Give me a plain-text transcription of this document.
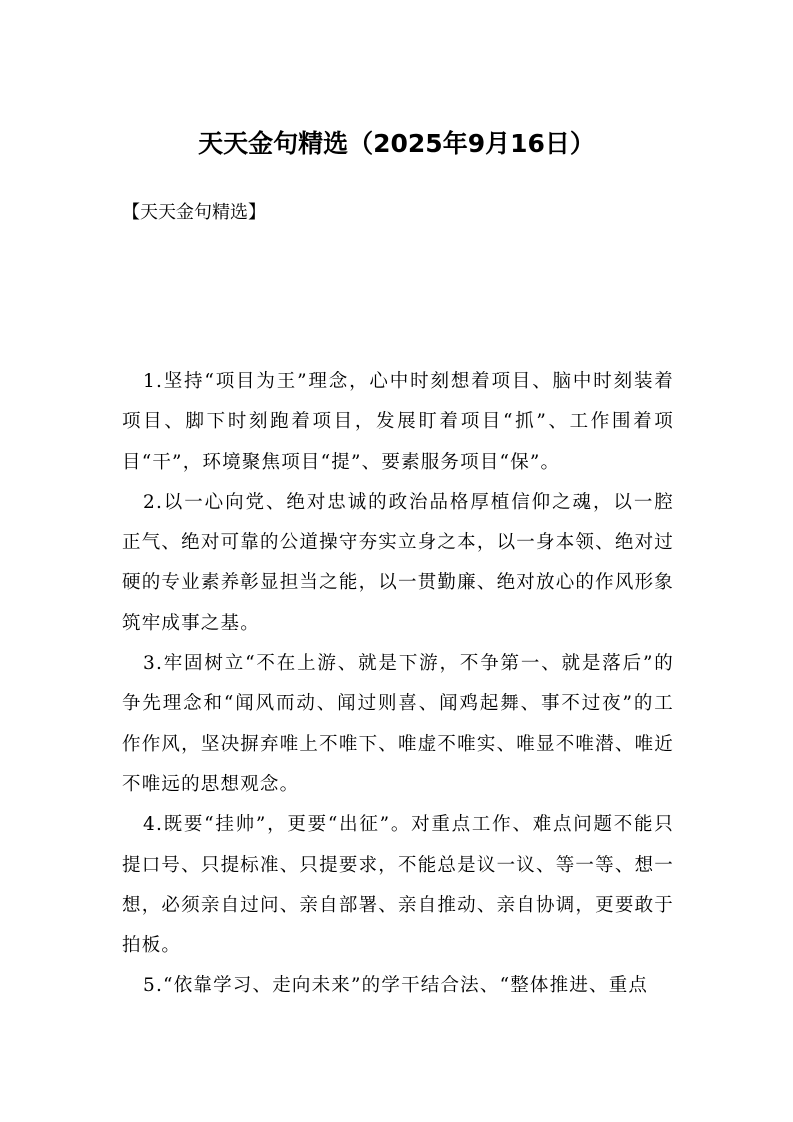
天天金句精选（2025年9月16日）

【天天金句精选】

1.坚持“项目为王”理念，心中时刻想着项目、脑中时刻装着项目、脚下时刻跑着项目，发展盯着项目“抓”、工作围着项目“干”，环境聚焦项目“提”、要素服务项目“保”。

2.以一心向党、绝对忠诚的政治品格厚植信仰之魂，以一腔正气、绝对可靠的公道操守夯实立身之本，以一身本领、绝对过硬的专业素养彰显担当之能，以一贯勤廉、绝对放心的作风形象筑牢成事之基。

3.牢固树立“不在上游、就是下游，不争第一、就是落后”的争先理念和“闻风而动、闻过则喜、闻鸡起舞、事不过夜”的工作作风，坚决摒弃唯上不唯下、唯虚不唯实、唯显不唯潜、唯近不唯远的思想观念。

4.既要“挂帅”，更要“出征”。对重点工作、难点问题不能只提口号、只提标准、只提要求，不能总是议一议、等一等、想一想，必须亲自过问、亲自部署、亲自推动、亲自协调，更要敢于拍板。

5.“依靠学习、走向未来”的学干结合法、“整体推进、重点
